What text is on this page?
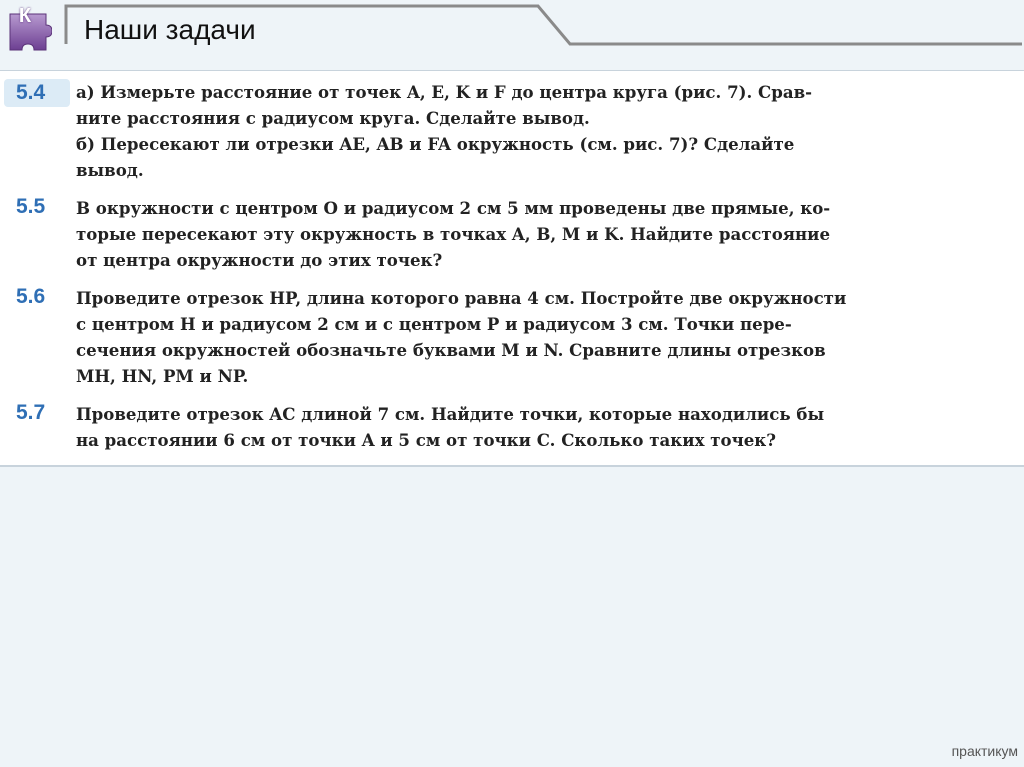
К Наши задачи
5.4 а) Измерьте расстояние от точек A, E, K и F до центра круга (рис. 7). Срав-
ните расстояния с радиусом круга. Сделайте вывод.
б) Пересекают ли отрезки AE, AB и FA окружность (см. рис. 7)? Сделайте
вывод.

5.5 В окружности с центром O и радиусом 2 см 5 мм проведены две прямые, ко-
торые пересекают эту окружность в точках A, B, M и K. Найдите расстояние
от центра окружности до этих точек?

5.6 Проведите отрезок HP, длина которого равна 4 см. Постройте две окружности
с центром H и радиусом 2 см и с центром P и радиусом 3 см. Точки пере-
сечения окружностей обозначьте буквами M и N. Сравните длины отрезков
MH, HN, PM и NP.

5.7 Проведите отрезок AC длиной 7 см. Найдите точки, которые находились бы
на расстоянии 6 см от точки A и 5 см от точки C. Сколько таких точек?

практикум
